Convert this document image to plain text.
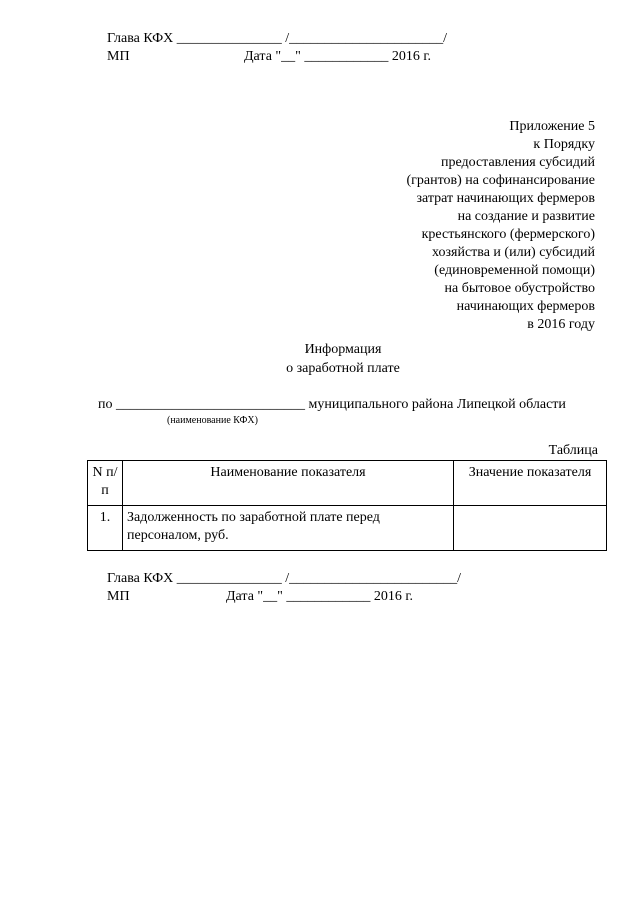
Глава КФХ _______________ /______________________/
МП	Дата "__" ____________ 2016 г.
Приложение 5
к Порядку
предоставления субсидий
(грантов) на софинансирование
затрат начинающих фермеров
на создание и развитие
крестьянского (фермерского)
хозяйства и (или) субсидий
(единовременной помощи)
на бытовое обустройство
начинающих фермеров
в 2016 году
Информация
о заработной плате
по ___________________________ муниципального района Липецкой области
(наименование КФХ)
Таблица
N п/п	Наименование показателя	Значение показателя
1.	Задолженность по заработной плате перед персоналом, руб.	
Глава КФХ _______________ /________________________/
МП	Дата "__" ____________ 2016 г.
